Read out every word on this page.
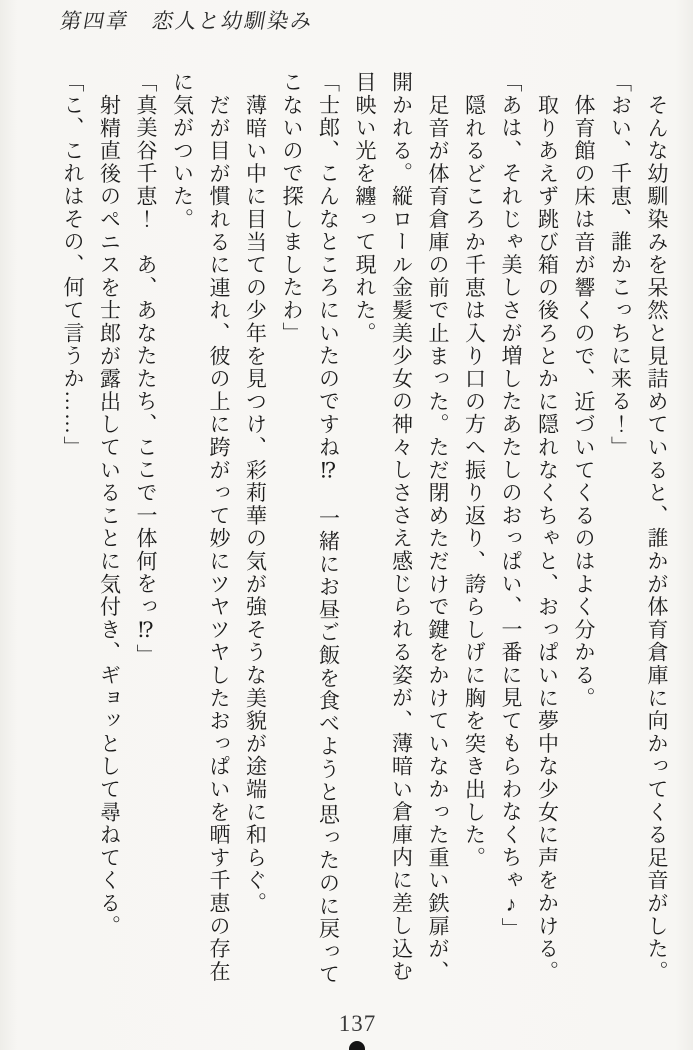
第四章　恋人と幼馴染み

そんな幼馴染みを呆然と見詰めていると、誰かが体育倉庫に向かってくる足音がした。

「おい、千恵、誰かこっちに来る！」

体育館の床は音が響くので、近づいてくるのはよく分かる。

取りあえず跳び箱の後ろとかに隠れなくちゃと、おっぱいに夢中な少女に声をかける。

「あは、それじゃ美しさが増したあたしのおっぱい、一番に見てもらわなくちゃ♪」

隠れるどころか千恵は入り口の方へ振り返り、誇らしげに胸を突き出した。

足音が体育倉庫の前で止まった。ただ閉めただけで鍵をかけていなかった重い鉄扉が、開かれる。縦ロール金髪美少女の神々しささえ感じられる姿が、薄暗い倉庫内に差し込む目映い光を纏って現れた。

「士郎、こんなところにいたのですね⁉　一緒にお昼ご飯を食べようと思ったのに戻ってこないので探しましたわ」

薄暗い中に目当ての少年を見つけ、彩莉華の気が強そうな美貌が途端に和らぐ。

だが目が慣れるに連れ、彼の上に跨がって妙にツヤツヤしたおっぱいを晒す千恵の存在に気がついた。

「真美谷千恵！　あ、あなたたち、ここで一体何をっ⁉」

射精直後のペニスを士郎が露出していることに気付き、ギョッとして尋ねてくる。

「こ、これはその、何て言うか……」

137
